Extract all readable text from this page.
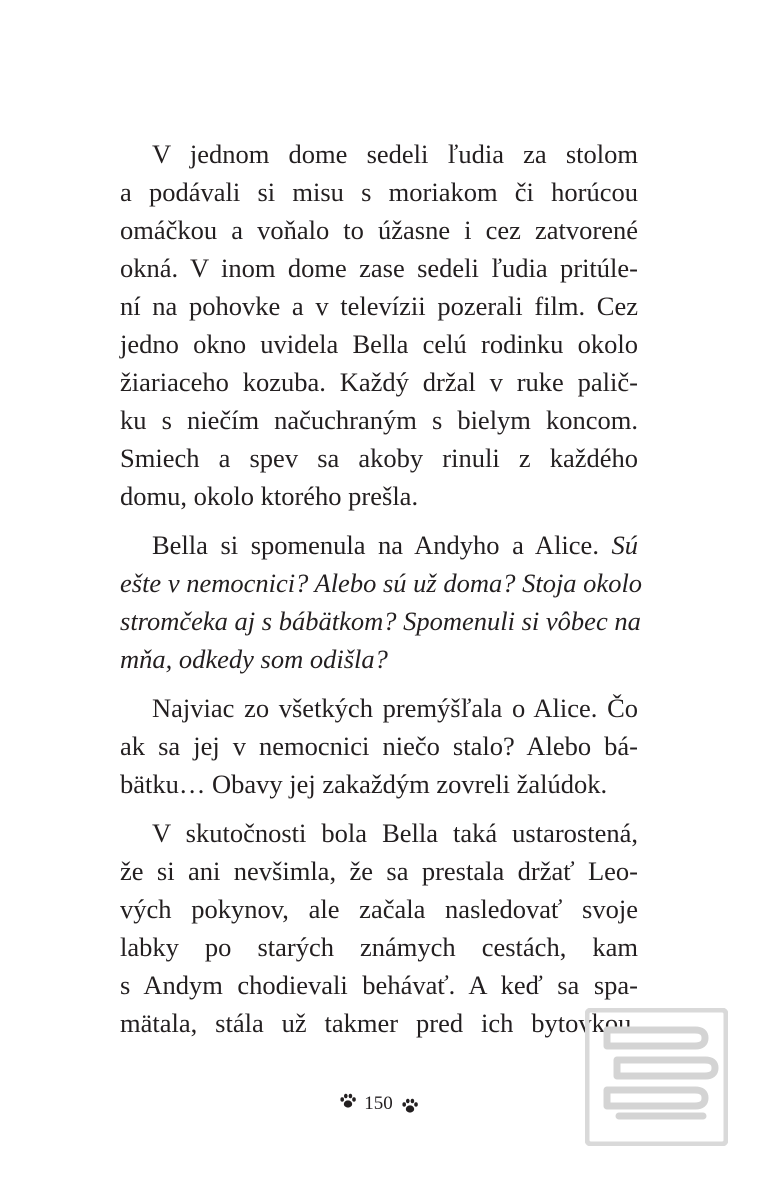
V jednom dome sedeli ľudia za stolom
a podávali si misu s moriakom či horúcou
omáčkou a voňalo to úžasne i cez zatvorené
okná. V inom dome zase sedeli ľudia pritúle-
ní na pohovke a v televízii pozerali film. Cez
jedno okno uvidela Bella celú rodinku okolo
žiariaceho kozuba. Každý držal v ruke palič-
ku s niečím načuchraným s bielym koncom.
Smiech a spev sa akoby rinuli z každého
domu, okolo ktorého prešla.
Bella si spomenula na Andyho a Alice. Sú
ešte v nemocnici? Alebo sú už doma? Stoja okolo
stromčeka aj s bábätkom? Spomenuli si vôbec na
mňa, odkedy som odišla?
Najviac zo všetkých premýšľala o Alice. Čo
ak sa jej v nemocnici niečo stalo? Alebo bá-
bätku… Obavy jej zakaždým zovreli žalúdok.
V skutočnosti bola Bella taká ustarostená,
že si ani nevšimla, že sa prestala držať Leo-
vých pokynov, ale začala nasledovať svoje
labky po starých známych cestách, kam
s Andym chodievali behávať. A keď sa spa-
mätala, stála už takmer pred ich bytovkou.
150
